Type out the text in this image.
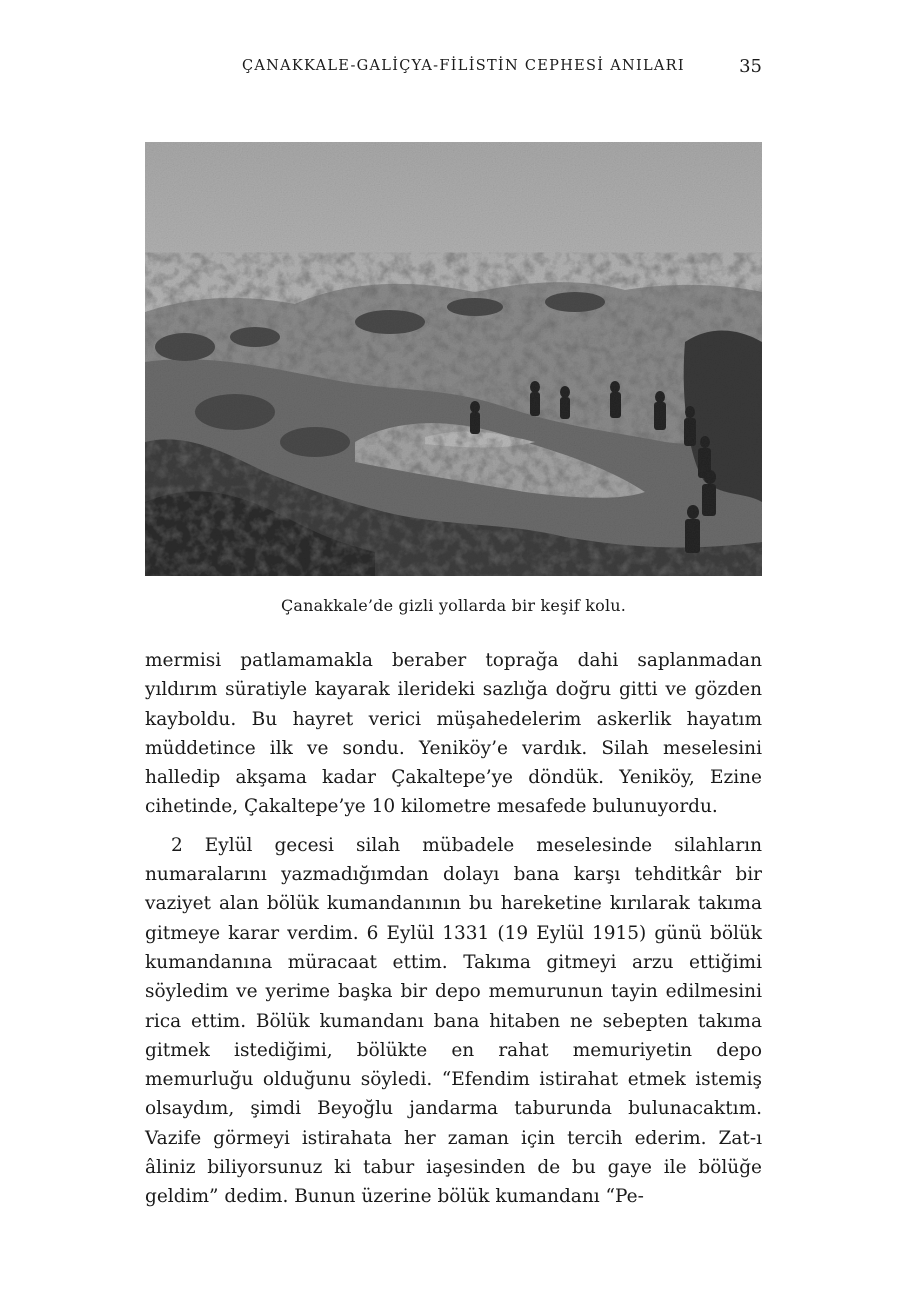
ÇANAKKALE-GALİÇYA-FİLİSTİN CEPHESİ ANILARI	35
Çanakkale’de gizli yollarda bir keşif kolu.

mermisi patlamamakla beraber toprağa dahi saplanmadan yıldırım süratiyle kayarak ilerideki sazlığa doğru gitti ve gözden kayboldu. Bu hayret verici müşahedelerim askerlik hayatım müddetince ilk ve sondu. Yeniköy’e vardık. Silah meselesini halledip akşama kadar Çakaltepe’ye döndük. Yeniköy, Ezine cihetinde, Çakaltepe’ye 10 kilometre mesafede bulunuyordu.

2 Eylül gecesi silah mübadele meselesinde silahların numaralarını yazmadığımdan dolayı bana karşı tehditkâr bir vaziyet alan bölük kumandanının bu hareketine kırılarak takıma gitmeye karar verdim. 6 Eylül 1331 (19 Eylül 1915) günü bölük kumandanına müracaat ettim. Takıma gitmeyi arzu ettiğimi söyledim ve yerime başka bir depo memurunun tayin edilmesini rica ettim. Bölük kumandanı bana hitaben ne sebepten takıma gitmek istediğimi, bölükte en rahat memuriyetin depo memurluğu olduğunu söyledi. “Efendim istirahat etmek istemiş olsaydım, şimdi Beyoğlu jandarma taburunda bulunacaktım. Vazife görmeyi istirahata her zaman için tercih ederim. Zat-ı âliniz biliyorsunuz ki tabur iaşesinden de bu gaye ile bölüğe geldim” dedim. Bunun üzerine bölük kumandanı “Pe-
